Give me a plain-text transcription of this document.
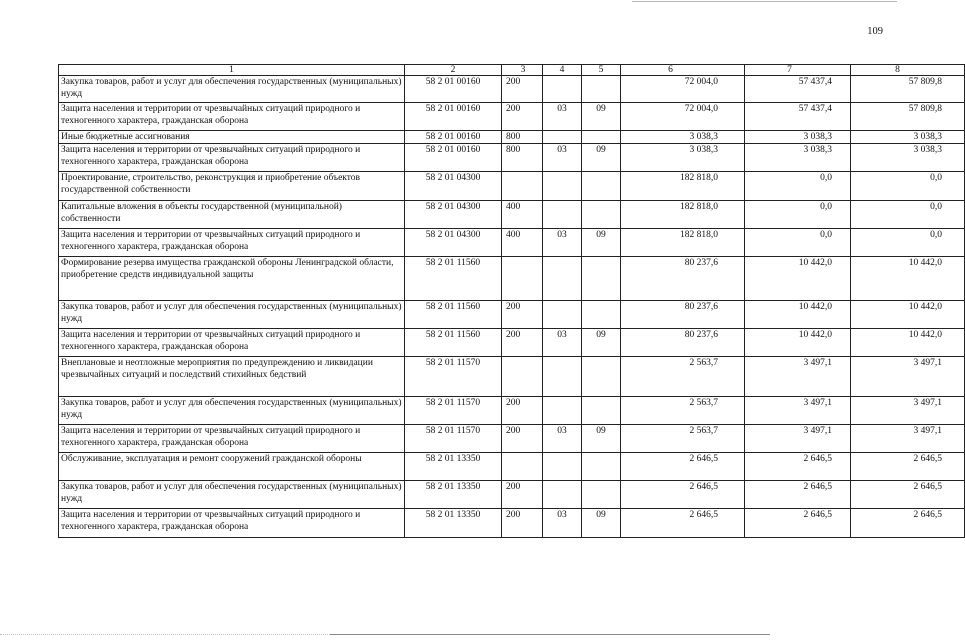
109
1	2	3	4	5	6	7	8
Закупка товаров, работ и услуг для обеспечения государственных (муниципальных) нужд	58 2 01 00160	200			72 004,0	57 437,4	57 809,8
Защита населения и территории от чрезвычайных ситуаций природного и техногенного характера, гражданская оборона	58 2 01 00160	200	03	09	72 004,0	57 437,4	57 809,8
Иные бюджетные ассигнования	58 2 01 00160	800			3 038,3	3 038,3	3 038,3
Защита населения и территории от чрезвычайных ситуаций природного и техногенного характера, гражданская оборона	58 2 01 00160	800	03	09	3 038,3	3 038,3	3 038,3
Проектирование, строительство, реконструкция и приобретение объектов государственной собственности	58 2 01 04300				182 818,0	0,0	0,0
Капитальные вложения в объекты государственной (муниципальной) собственности	58 2 01 04300	400			182 818,0	0,0	0,0
Защита населения и территории от чрезвычайных ситуаций природного и техногенного характера, гражданская оборона	58 2 01 04300	400	03	09	182 818,0	0,0	0,0
Формирование резерва имущества гражданской обороны Ленинградской области, приобретение средств индивидуальной защиты	58 2 01 11560				80 237,6	10 442,0	10 442,0
Закупка товаров, работ и услуг для обеспечения государственных (муниципальных) нужд	58 2 01 11560	200			80 237,6	10 442,0	10 442,0
Защита населения и территории от чрезвычайных ситуаций природного и техногенного характера, гражданская оборона	58 2 01 11560	200	03	09	80 237,6	10 442,0	10 442,0
Внеплановые и неотложные мероприятия по предупреждению и ликвидации чрезвычайных ситуаций и последствий стихийных бедствий	58 2 01 11570				2 563,7	3 497,1	3 497,1
Закупка товаров, работ и услуг для обеспечения государственных (муниципальных) нужд	58 2 01 11570	200			2 563,7	3 497,1	3 497,1
Защита населения и территории от чрезвычайных ситуаций природного и техногенного характера, гражданская оборона	58 2 01 11570	200	03	09	2 563,7	3 497,1	3 497,1
Обслуживание, эксплуатация и ремонт сооружений гражданской обороны	58 2 01 13350				2 646,5	2 646,5	2 646,5
Закупка товаров, работ и услуг для обеспечения государственных (муниципальных) нужд	58 2 01 13350	200			2 646,5	2 646,5	2 646,5
Защита населения и территории от чрезвычайных ситуаций природного и техногенного характера, гражданская оборона	58 2 01 13350	200	03	09	2 646,5	2 646,5	2 646,5
